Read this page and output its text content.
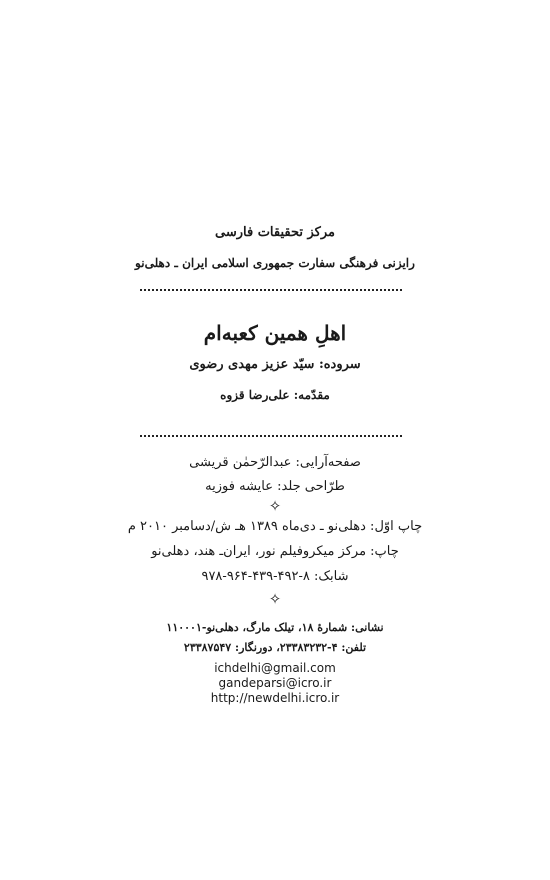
مرکز تحقیقات فارسی
رایزنی فرهنگی سفارت جمهوری اسلامی ایران ـ دهلی‌نو
اهلِ همین کعبه‌ام
سروده: سیّد عزیز مهدی رضوی
مقدّمه: علی‌رضا قزوه
صفحه‌آرایی: عبدالرّحمٰن قریشی
طرّاحی جلد: عایشه فوزیه
✧
چاپ اوّل: دهلی‌نو ـ دی‌ماه ۱۳۸۹ هـ ش/دسامبر ۲۰۱۰ م
چاپ: مرکز میکروفیلم نور، ایران‌ـ هند، دهلی‌نو
شابک: ۸-۴۹۲-۴۳۹-۹۶۴-۹۷۸
✧
نشانی: شمارهٔ ۱۸، تیلک مارگ، دهلی‌نو-۱۱۰۰۰۱
تلفن: ۴-۲۳۳۸۳۲۳۲، دورنگار: ۲۳۳۸۷۵۴۷
ichdelhi@gmail.com
gandeparsi@icro.ir
http://newdelhi.icro.ir
